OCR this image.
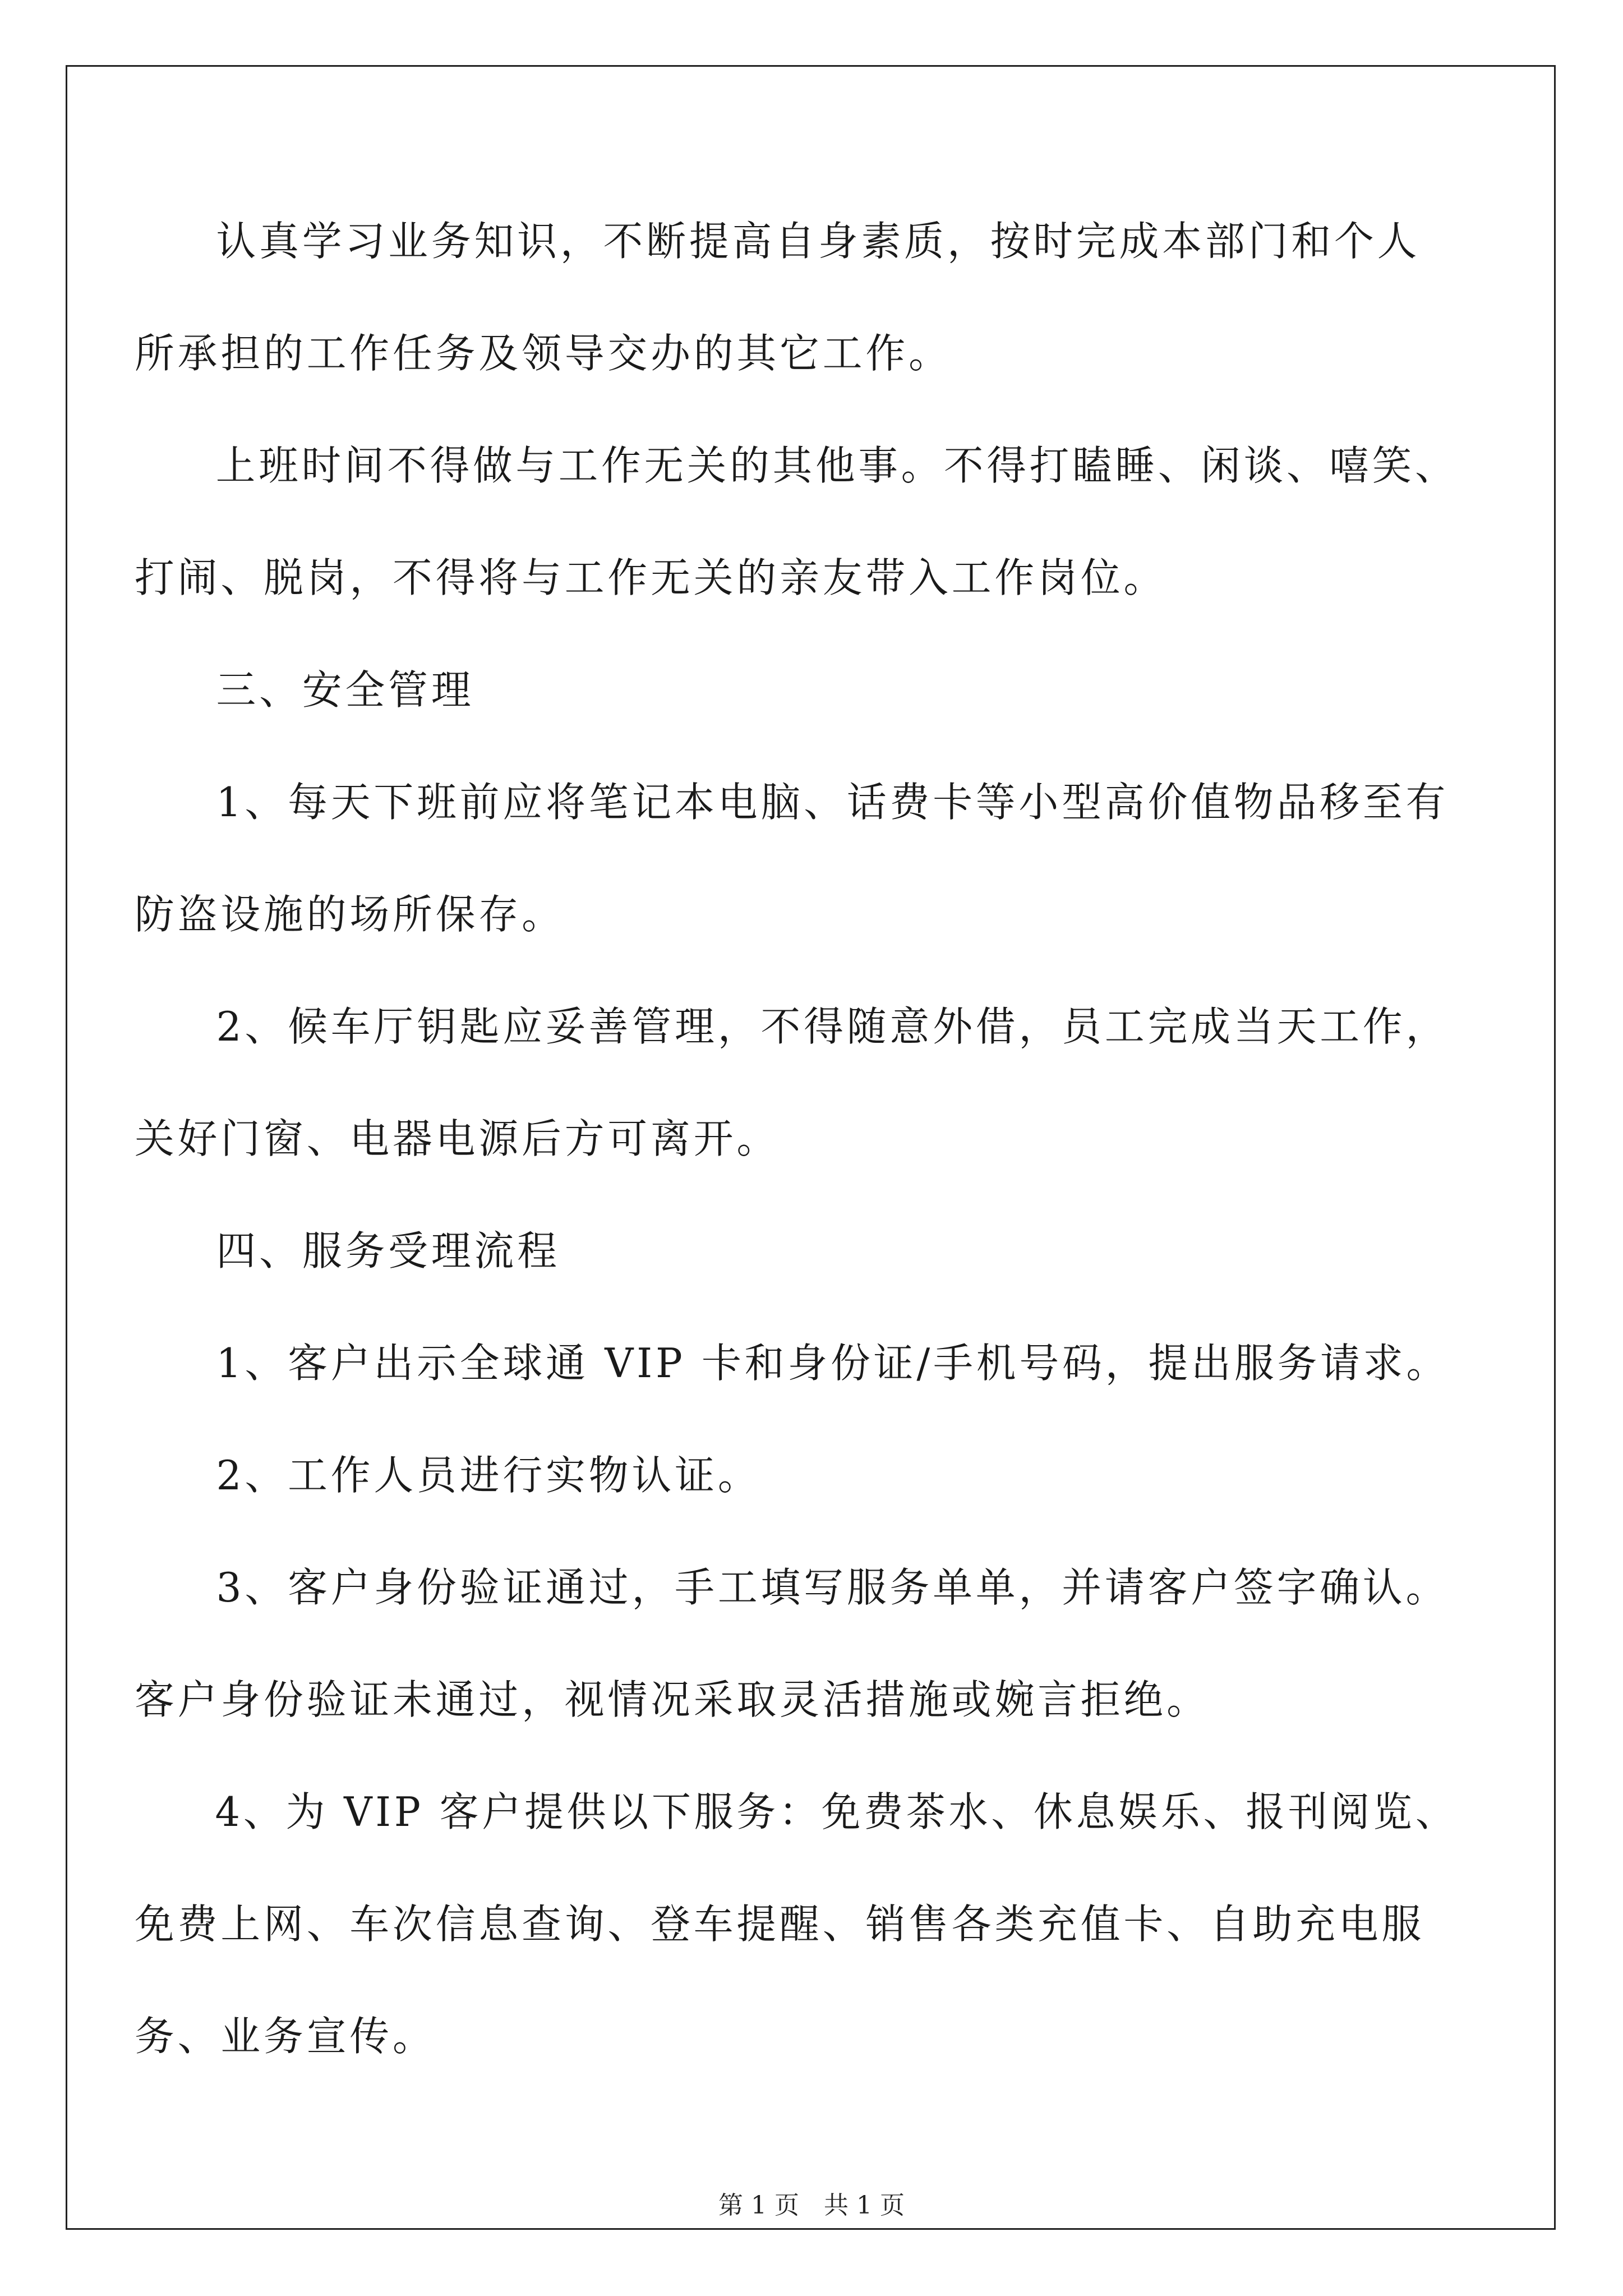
认真学习业务知识，不断提高自身素质，按时完成本部门和个人
所承担的工作任务及领导交办的其它工作。
上班时间不得做与工作无关的其他事。不得打瞌睡、闲谈、嘻笑、
打闹、脱岗，不得将与工作无关的亲友带入工作岗位。
三、安全管理
1、每天下班前应将笔记本电脑、话费卡等小型高价值物品移至有
防盗设施的场所保存。
2、候车厅钥匙应妥善管理，不得随意外借，员工完成当天工作，
关好门窗、电器电源后方可离开。
四、服务受理流程
1、客户出示全球通 VIP 卡和身份证/手机号码，提出服务请求。
2、工作人员进行实物认证。
3、客户身份验证通过，手工填写服务单单，并请客户签字确认。
客户身份验证未通过，视情况采取灵活措施或婉言拒绝。
4、为 VIP 客户提供以下服务：免费茶水、休息娱乐、报刊阅览、
免费上网、车次信息查询、登车提醒、销售各类充值卡、自助充电服
务、业务宣传。
第 1 页　共 1 页
